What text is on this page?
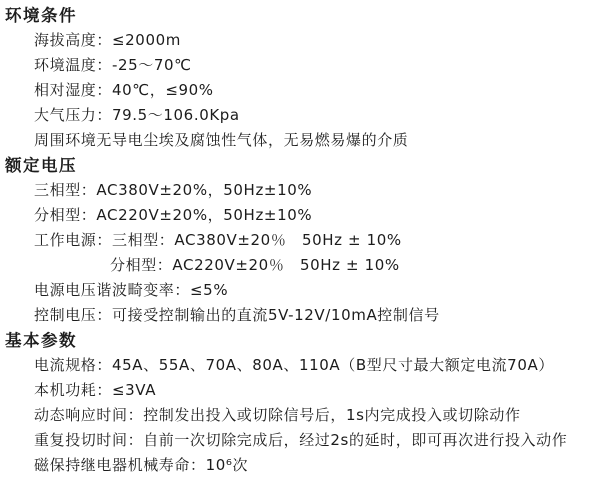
环境条件

海拔高度：≤2000m

环境温度：-25～70℃

相对湿度：40℃，≤90%

大气压力：79.5～106.0Kpa

周围环境无导电尘埃及腐蚀性气体，无易燃易爆的介质

额定电压

三相型：AC380V±20%，50Hz±10%

分相型：AC220V±20%，50Hz±10%

工作电源：三相型：AC380V±20％　50Hz ± 10%

分相型：AC220V±20％　50Hz ± 10%

电源电压谐波畸变率：≤5%

控制电压：可接受控制输出的直流5V-12V/10mA控制信号

基本参数

电流规格：45A、55A、70A、80A、110A（B型尺寸最大额定电流70A）

本机功耗：≤3VA

动态响应时间：控制发出投入或切除信号后，1s内完成投入或切除动作

重复投切时间：自前一次切除完成后，经过2s的延时，即可再次进行投入动作

磁保持继电器机械寿命：10⁶次
